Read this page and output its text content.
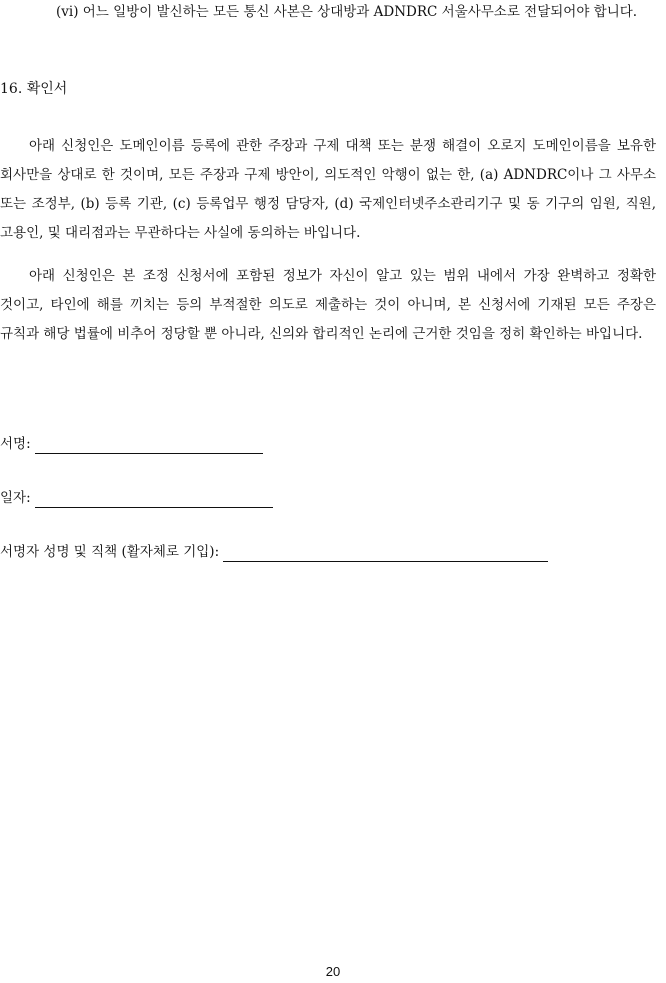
(vi) 어느 일방이 발신하는 모든 통신 사본은 상대방과 ADNDRC 서울사무소로 전달되어야 합니다.
16. 확인서

아래 신청인은 도메인이름 등록에 관한 주장과 구제 대책 또는 분쟁 해결이 오로지 도메인이름을 보유한 회사만을 상대로 한 것이며, 모든 주장과 구제 방안이, 의도적인 악행이 없는 한, (a) ADNDRC이나 그 사무소 또는 조정부, (b) 등록 기관, (c) 등록업무 행정 담당자, (d) 국제인터넷주소관리기구 및 동 기구의 임원, 직원, 고용인, 및 대리점과는 무관하다는 사실에 동의하는 바입니다.

아래 신청인은 본 조정 신청서에 포함된 정보가 자신이 알고 있는 범위 내에서 가장 완벽하고 정확한 것이고, 타인에 해를 끼치는 등의 부적절한 의도로 제출하는 것이 아니며, 본 신청서에 기재된 모든 주장은 규칙과 해당 법률에 비추어 정당할 뿐 아니라, 신의와 합리적인 논리에 근거한 것임을 정히 확인하는 바입니다.

서명:
일자:
서명자 성명 및 직책 (활자체로 기입):
20
